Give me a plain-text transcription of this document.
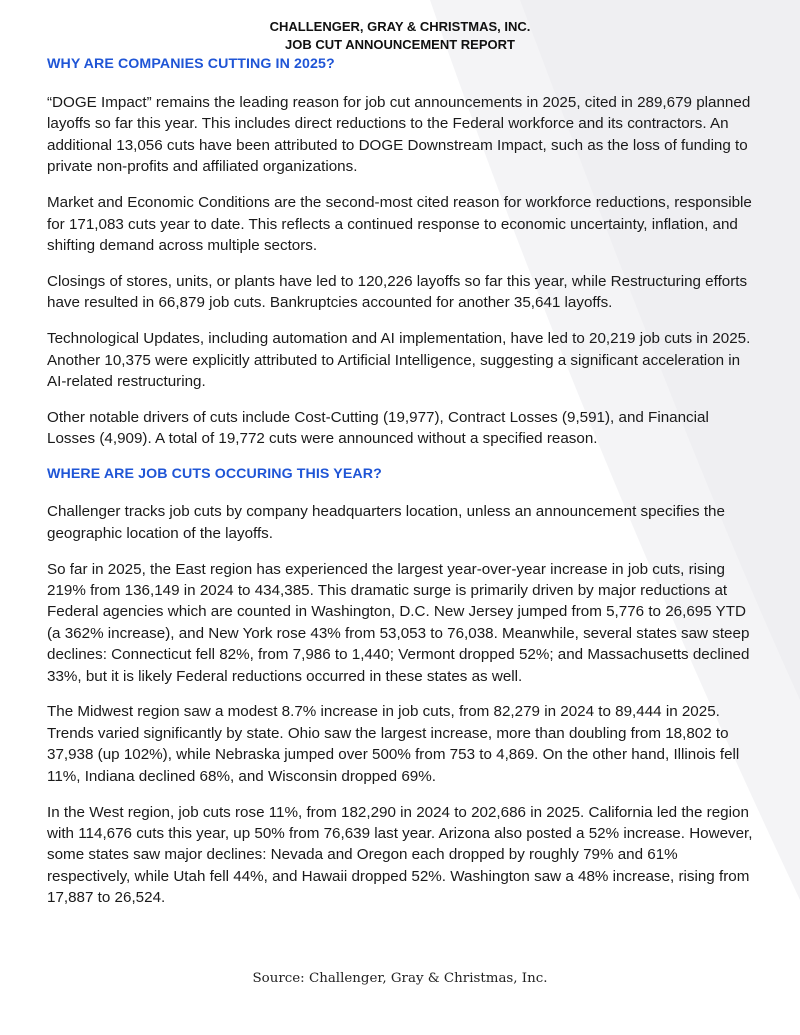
CHALLENGER, GRAY & CHRISTMAS, INC.
JOB CUT ANNOUNCEMENT REPORT
WHY ARE COMPANIES CUTTING IN 2025?

“DOGE Impact” remains the leading reason for job cut announcements in 2025, cited in 289,679 planned layoffs so far this year. This includes direct reductions to the Federal workforce and its contractors. An additional 13,056 cuts have been attributed to DOGE Downstream Impact, such as the loss of funding to private non-profits and affiliated organizations.

Market and Economic Conditions are the second-most cited reason for workforce reductions, responsible for 171,083 cuts year to date. This reflects a continued response to economic uncertainty, inflation, and shifting demand across multiple sectors.

Closings of stores, units, or plants have led to 120,226 layoffs so far this year, while Restructuring efforts have resulted in 66,879 job cuts. Bankruptcies accounted for another 35,641 layoffs.

Technological Updates, including automation and AI implementation, have led to 20,219 job cuts in 2025. Another 10,375 were explicitly attributed to Artificial Intelligence, suggesting a significant acceleration in AI-related restructuring.

Other notable drivers of cuts include Cost-Cutting (19,977), Contract Losses (9,591), and Financial Losses (4,909). A total of 19,772 cuts were announced without a specified reason.

WHERE ARE JOB CUTS OCCURING THIS YEAR?

Challenger tracks job cuts by company headquarters location, unless an announcement specifies the geographic location of the layoffs.

So far in 2025, the East region has experienced the largest year-over-year increase in job cuts, rising 219% from 136,149 in 2024 to 434,385. This dramatic surge is primarily driven by major reductions at Federal agencies which are counted in Washington, D.C. New Jersey jumped from 5,776 to 26,695 YTD (a 362% increase), and New York rose 43% from 53,053 to 76,038. Meanwhile, several states saw steep declines: Connecticut fell 82%, from 7,986 to 1,440; Vermont dropped 52%; and Massachusetts declined 33%, but it is likely Federal reductions occurred in these states as well.

The Midwest region saw a modest 8.7% increase in job cuts, from 82,279 in 2024 to 89,444 in 2025. Trends varied significantly by state. Ohio saw the largest increase, more than doubling from 18,802 to 37,938 (up 102%), while Nebraska jumped over 500% from 753 to 4,869. On the other hand, Illinois fell 11%, Indiana declined 68%, and Wisconsin dropped 69%.

In the West region, job cuts rose 11%, from 182,290 in 2024 to 202,686 in 2025. California led the region with 114,676 cuts this year, up 50% from 76,639 last year. Arizona also posted a 52% increase. However, some states saw major declines: Nevada and Oregon each dropped by roughly 79% and 61% respectively, while Utah fell 44%, and Hawaii dropped 52%. Washington saw a 48% increase, rising from 17,887 to 26,524.

Source: Challenger, Gray & Christmas, Inc.
